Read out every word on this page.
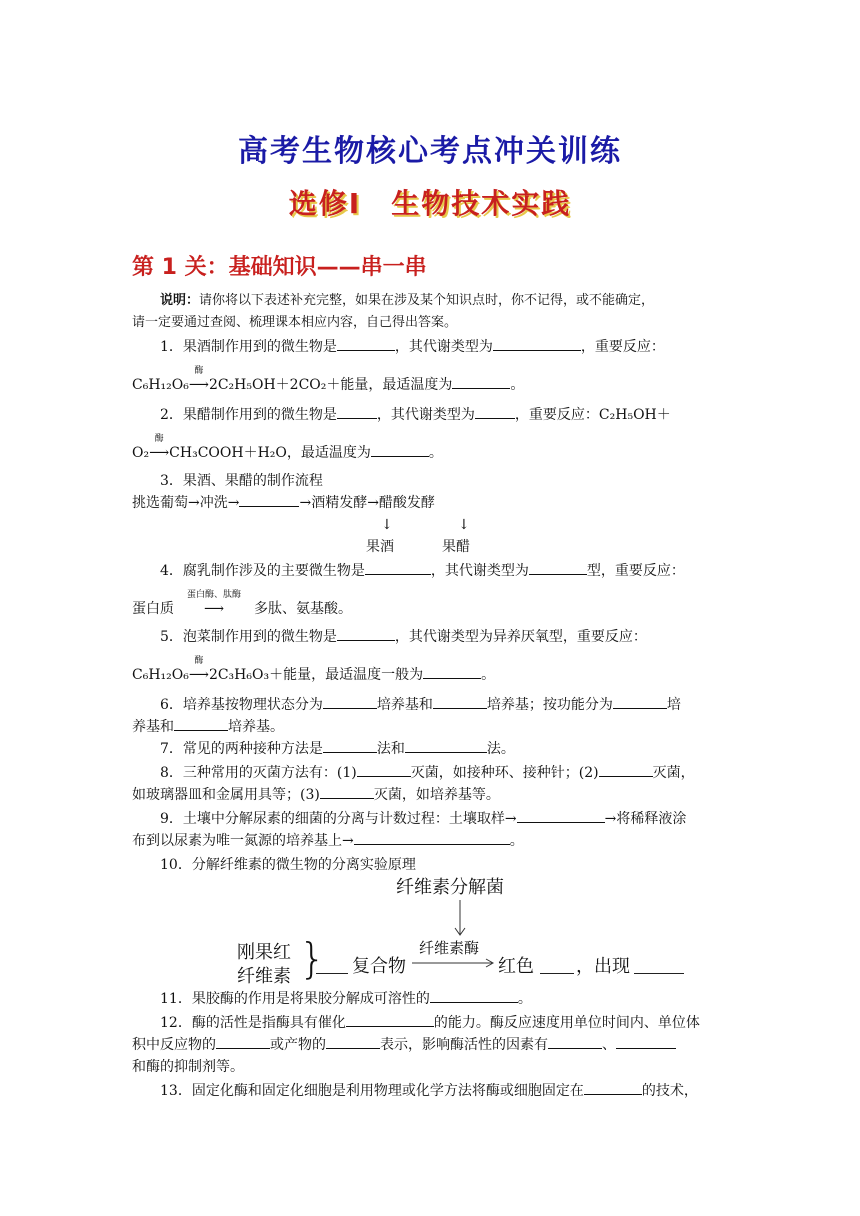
高考生物核心考点冲关训练
选修Ⅰ　生物技术实践
第 1 关：基础知识——串一串
说明：请你将以下表述补充完整，如果在涉及某个知识点时，你不记得，或不能确定，
请一定要通过查阅、梳理课本相应内容，自己得出答案。
1．果酒制作用到的微生物是	，其代谢类型为	，重要反应：
C₆H₁₂O₆
酶
⟶2C₂H₅OH＋2CO₂＋能量，最适温度为	。
2．果醋制作用到的微生物是	，其代谢类型为	，重要反应：C₂H₅OH＋
O₂
酶
⟶CH₃COOH＋H₂O，最适温度为	。
3．果酒、果醋的制作流程
挑选葡萄→冲洗→	→酒精发酵→醋酸发酵
↓	↓
果酒	果醋
4．腐乳制作涉及的主要微生物是	，其代谢类型为	型，重要反应：
蛋白质
蛋白酶、肽酶
⟶ 多肽、氨基酸。
5．泡菜制作用到的微生物是	，其代谢类型为异养厌氧型，重要反应：
C₆H₁₂O₆
酶
⟶2C₃H₆O₃＋能量，最适温度一般为	。
6．培养基按物理状态分为	培养基和	培养基；按功能分为	培
养基和	培养基。
7．常见的两种接种方法是	法和	法。
8．三种常用的灭菌方法有：(1)	灭菌，如接种环、接种针；(2)	灭菌，
如玻璃器皿和金属用具等；(3)	灭菌，如培养基等。
9．土壤中分解尿素的细菌的分离与计数过程：土壤取样→	→将稀释液涂
布到以尿素为唯一氮源的培养基上→	。
10．分解纤维素的微生物的分离实验原理
纤维素分解菌
刚果红
纤维素 } 复合物
纤维素酶
红色 ，出现
11．果胶酶的作用是将果胶分解成可溶性的	。
12．酶的活性是指酶具有催化	的能力。酶反应速度用单位时间内、单位体
积中反应物的	或产物的	表示，影响酶活性的因素有	、
和酶的抑制剂等。
13．固定化酶和固定化细胞是利用物理或化学方法将酶或细胞固定在	的技术，
